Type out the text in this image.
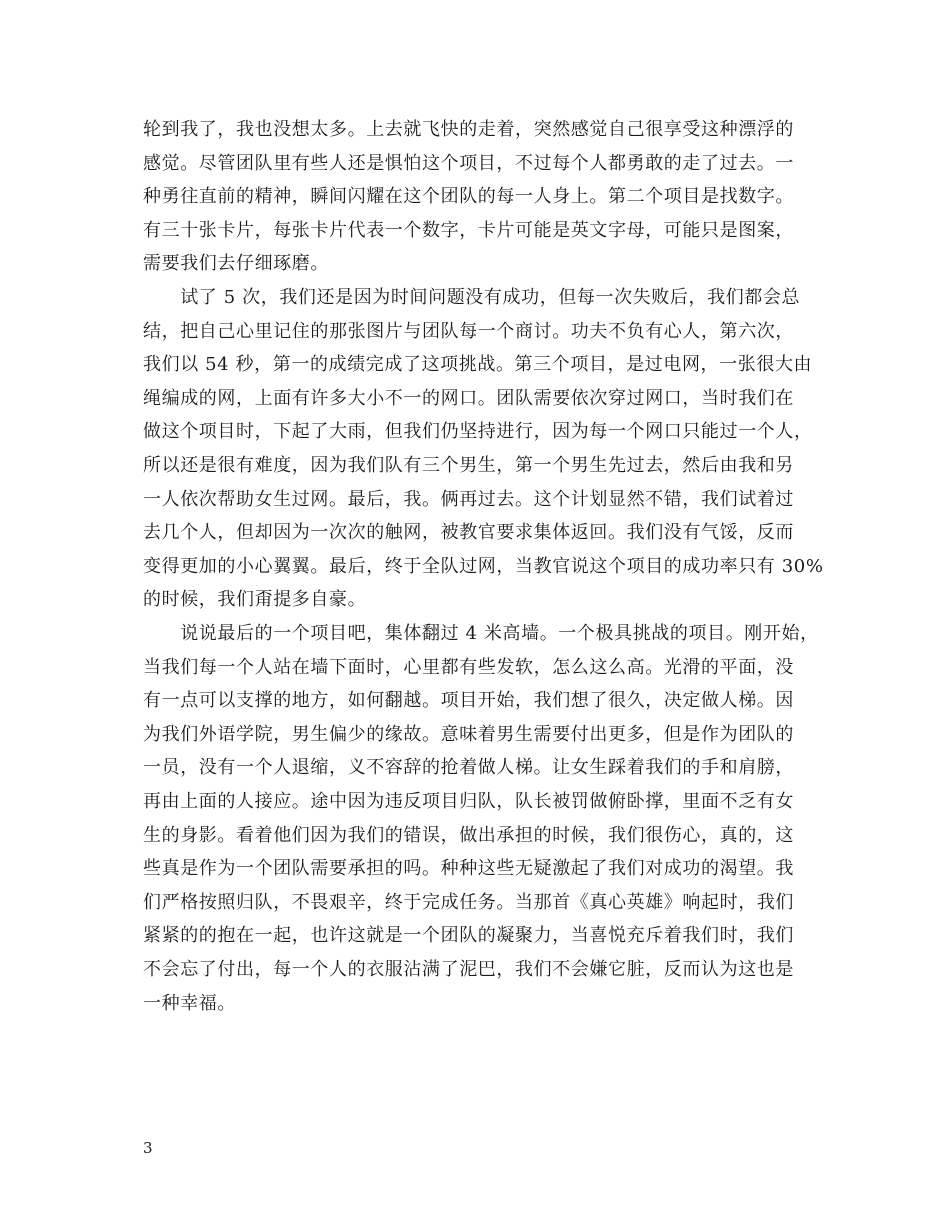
轮到我了，我也没想太多。上去就飞快的走着，突然感觉自己很享受这种漂浮的
感觉。尽管团队里有些人还是惧怕这个项目，不过每个人都勇敢的走了过去。一
种勇往直前的精神，瞬间闪耀在这个团队的每一人身上。第二个项目是找数字。
有三十张卡片，每张卡片代表一个数字，卡片可能是英文字母，可能只是图案，
需要我们去仔细琢磨。
　　试了 5 次，我们还是因为时间问题没有成功，但每一次失败后，我们都会总
结，把自己心里记住的那张图片与团队每一个商讨。功夫不负有心人，第六次，
我们以 54 秒，第一的成绩完成了这项挑战。第三个项目，是过电网，一张很大由
绳编成的网，上面有许多大小不一的网口。团队需要依次穿过网口，当时我们在
做这个项目时，下起了大雨，但我们仍坚持进行，因为每一个网口只能过一个人，
所以还是很有难度，因为我们队有三个男生，第一个男生先过去，然后由我和另
一人依次帮助女生过网。最后，我。俩再过去。这个计划显然不错，我们试着过
去几个人，但却因为一次次的触网，被教官要求集体返回。我们没有气馁，反而
变得更加的小心翼翼。最后，终于全队过网，当教官说这个项目的成功率只有 30%
的时候，我们甭提多自豪。
　　说说最后的一个项目吧，集体翻过 4 米高墙。一个极具挑战的项目。刚开始，
当我们每一个人站在墙下面时，心里都有些发软，怎么这么高。光滑的平面，没
有一点可以支撑的地方，如何翻越。项目开始，我们想了很久，决定做人梯。因
为我们外语学院，男生偏少的缘故。意味着男生需要付出更多，但是作为团队的
一员，没有一个人退缩，义不容辞的抢着做人梯。让女生踩着我们的手和肩膀，
再由上面的人接应。途中因为违反项目归队，队长被罚做俯卧撑，里面不乏有女
生的身影。看着他们因为我们的错误，做出承担的时候，我们很伤心，真的，这
些真是作为一个团队需要承担的吗。种种这些无疑激起了我们对成功的渴望。我
们严格按照归队，不畏艰辛，终于完成任务。当那首《真心英雄》响起时，我们
紧紧的的抱在一起，也许这就是一个团队的凝聚力，当喜悦充斥着我们时，我们
不会忘了付出，每一个人的衣服沾满了泥巴，我们不会嫌它脏，反而认为这也是
一种幸福。
3
